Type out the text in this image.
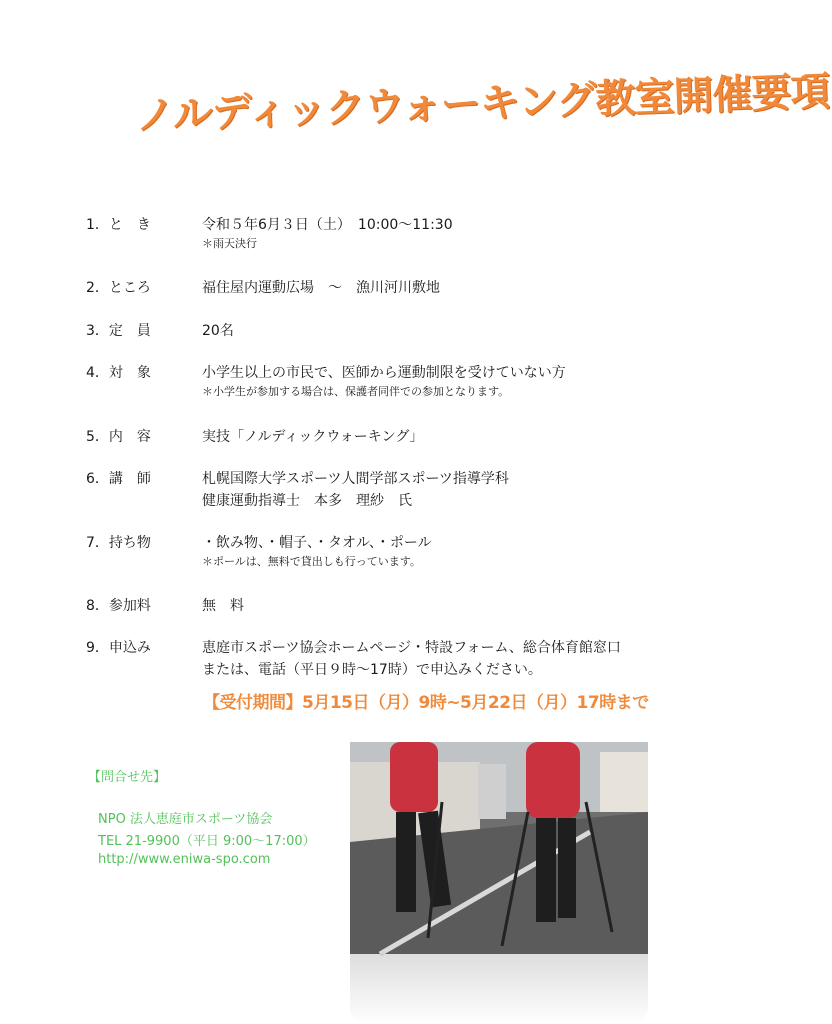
ノルディックウォーキング教室開催要項
1．と　き	令和５年6月３日（土）　10:00～11:30
＊雨天決行
2．ところ	福住屋内運動広場　～　漁川河川敷地
3．定　員	20名
4．対　象	小学生以上の市民で、医師から運動制限を受けていない方
＊小学生が参加する場合は、保護者同伴での参加となります。
5．内　容	実技「ノルディックウォーキング」
6．講　師	札幌国際大学スポーツ人間学部スポーツ指導学科
健康運動指導士　本多　理紗　氏
7．持ち物	・飲み物、・帽子、・タオル、・ポール
＊ポールは、無料で貸出しも行っています。
8．参加料	無　料
9．申込み	恵庭市スポーツ協会ホームページ・特設フォーム、総合体育館窓口
または、電話（平日９時～17時）で申込みください。
【受付期間】5月15日（月）9時~5月22日（月）17時まで
【問合せ先】
NPO 法人恵庭市スポーツ協会
TEL 21-9900（平日 9:00～17:00）
http://www.eniwa-spo.com
